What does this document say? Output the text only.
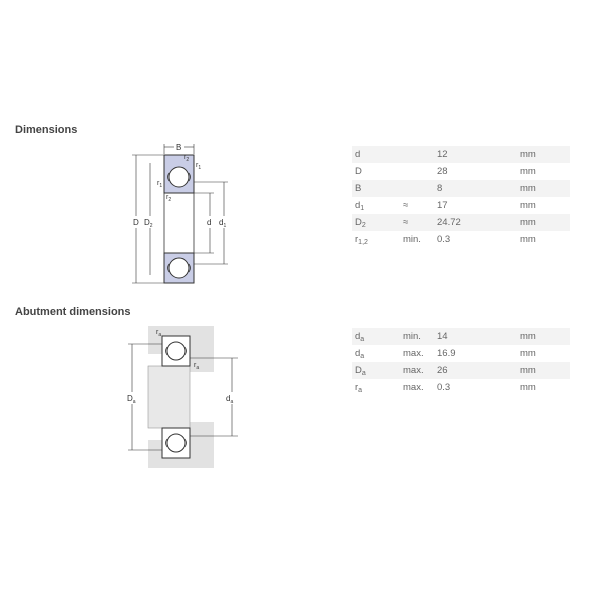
Dimensions
B
$r_2$
$r_1$
$r_1$
$r_2$
D $D_2$	d $d_1$
d		12	mm
D		28	mm
B		8	mm
$d_1$	≈	17	mm
$D_2$	≈	24.72	mm
$r_{1,2}$	min.	0.3	mm
Abutment dimensions
$r_a$
$r_a$
$D_a$	$d_a$
$d_a$	min.	14	mm
$d_a$	max.	16.9	mm
$D_a$	max.	26	mm
$r_a$	max.	0.3	mm
